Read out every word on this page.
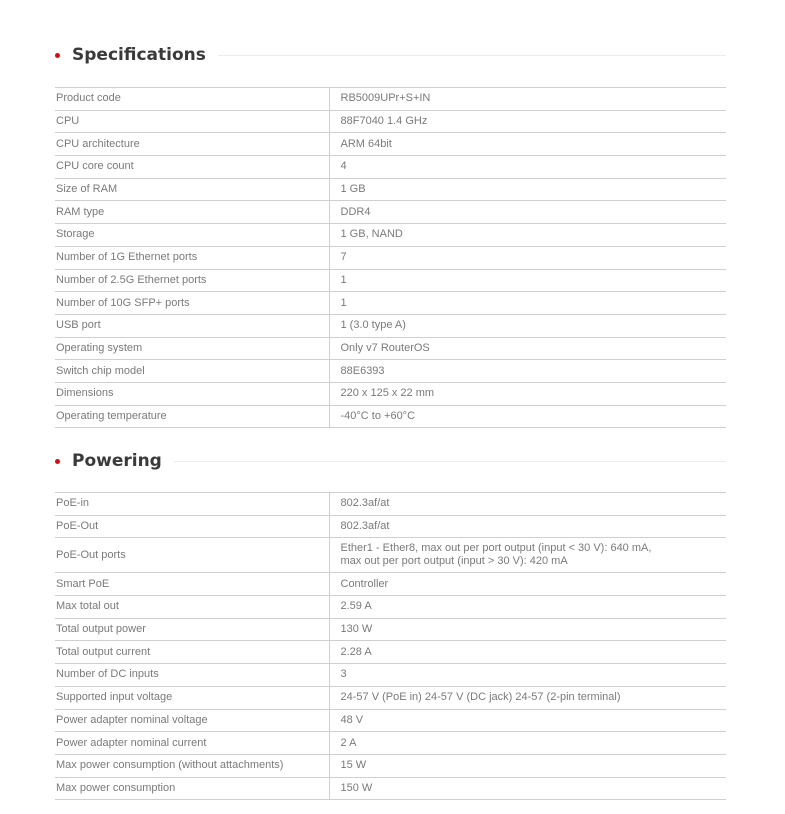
Specifications
Product code	RB5009UPr+S+IN
CPU	88F7040 1.4 GHz
CPU architecture	ARM 64bit
CPU core count	4
Size of RAM	1 GB
RAM type	DDR4
Storage	1 GB, NAND
Number of 1G Ethernet ports	7
Number of 2.5G Ethernet ports	1
Number of 10G SFP+ ports	1
USB port	1 (3.0 type A)
Operating system	Only v7 RouterOS
Switch chip model	88E6393
Dimensions	220 x 125 x 22 mm
Operating temperature	-40°C to +60°C
Powering
PoE-in	802.3af/at
PoE-Out	802.3af/at
PoE-Out ports	Ether1 - Ether8, max out per port output (input < 30 V): 640 mA,
max out per port output (input > 30 V): 420 mA

Smart PoE	Controller
Max total out	2.59 A
Total output power	130 W
Total output current	2.28 A
Number of DC inputs	3
Supported input voltage	24-57 V (PoE in) 24-57 V (DC jack) 24-57 (2-pin terminal)
Power adapter nominal voltage	48 V
Power adapter nominal current	2 A
Max power consumption (without attachments)	15 W
Max power consumption	150 W
